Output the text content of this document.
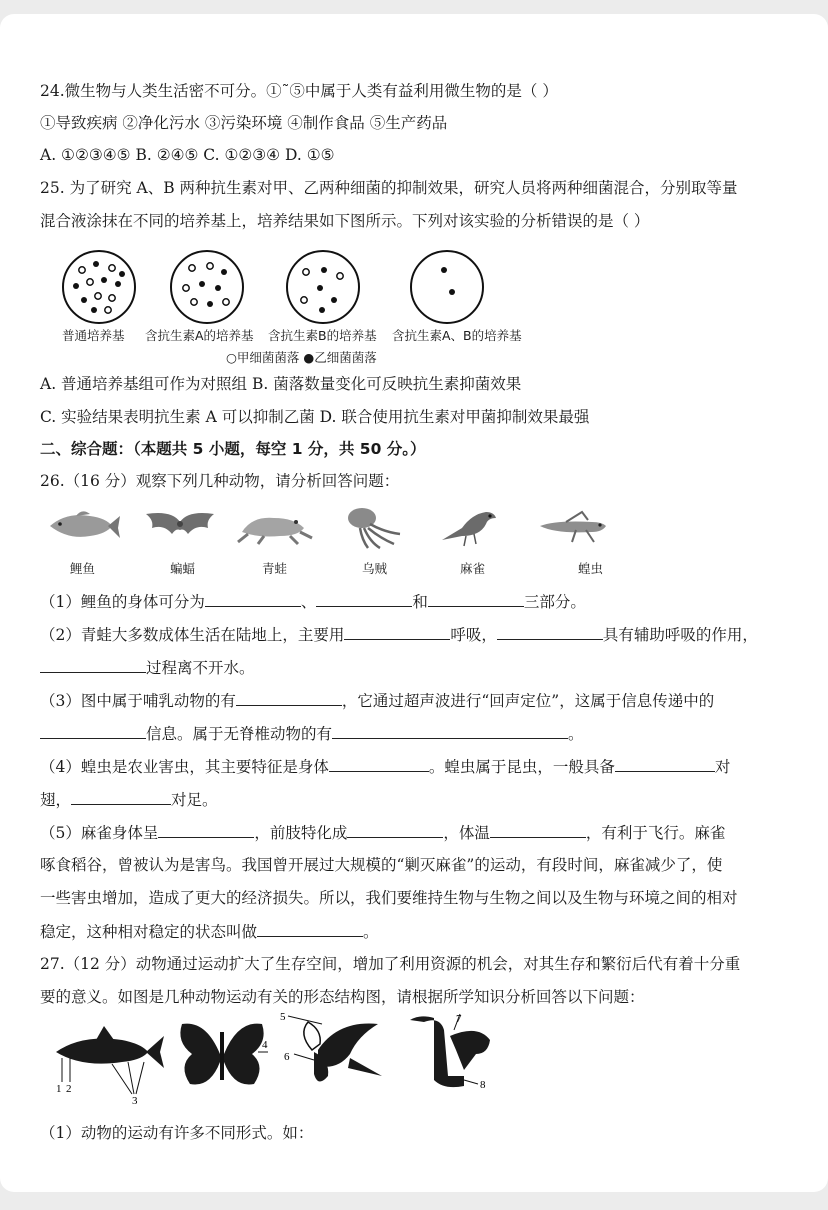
24.微生物与人类生活密不可分。①˜⑤中属于人类有益利用微生物的是（ ）
①导致疾病 ②净化污水 ③污染环境 ④制作食品 ⑤生产药品
A. ①②③④⑤ B. ②④⑤ C. ①②③④ D. ①⑤
25. 为了研究 A、B 两种抗生素对甲、乙两种细菌的抑制效果，研究人员将两种细菌混合，分别取等量
混合液涂抹在不同的培养基上，培养结果如下图所示。下列对该实验的分析错误的是（ ）
普通培养基 含抗生素A的培养基 含抗生素B的培养基 含抗生素A、B的培养基
○甲细菌菌落 ●乙细菌菌落
A. 普通培养基组可作为对照组 B. 菌落数量变化可反映抗生素抑菌效果
C. 实验结果表明抗生素 A 可以抑制乙菌 D. 联合使用抗生素对甲菌抑制效果最强
二、综合题：（本题共 5 小题，每空 1 分，共 50 分。）
26.（16 分）观察下列几种动物，请分析回答问题：
鲤鱼	蝙蝠	青蛙	乌贼	麻雀	蝗虫
（1）鲤鱼的身体可分为	、	和	三部分。
（2）青蛙大多数成体生活在陆地上，主要用	呼吸，	具有辅助呼吸的作用，
过程离不开水。
（3）图中属于哺乳动物的有	，它通过超声波进行“回声定位”，这属于信息传递中的
信息。属于无脊椎动物的有	。
（4）蝗虫是农业害虫，其主要特征是身体	。蝗虫属于昆虫，一般具备	对
翅，	对足。
（5）麻雀身体呈	，前肢特化成	，体温	，有利于飞行。麻雀
啄食稻谷，曾被认为是害鸟。我国曾开展过大规模的“剿灭麻雀”的运动，有段时间，麻雀减少了，使
一些害虫增加，造成了更大的经济损失。所以，我们要维持生物与生物之间以及生物与环境之间的相对
稳定，这种相对稳定的状态叫做	。
27.（12 分）动物通过运动扩大了生存空间，增加了利用资源的机会，对其生存和繁衍后代有着十分重
要的意义。如图是几种动物运动有关的形态结构图，请根据所学知识分析回答以下问题：
1 2
3
4
5
6
7
8
（1）动物的运动有许多不同形式。如：
